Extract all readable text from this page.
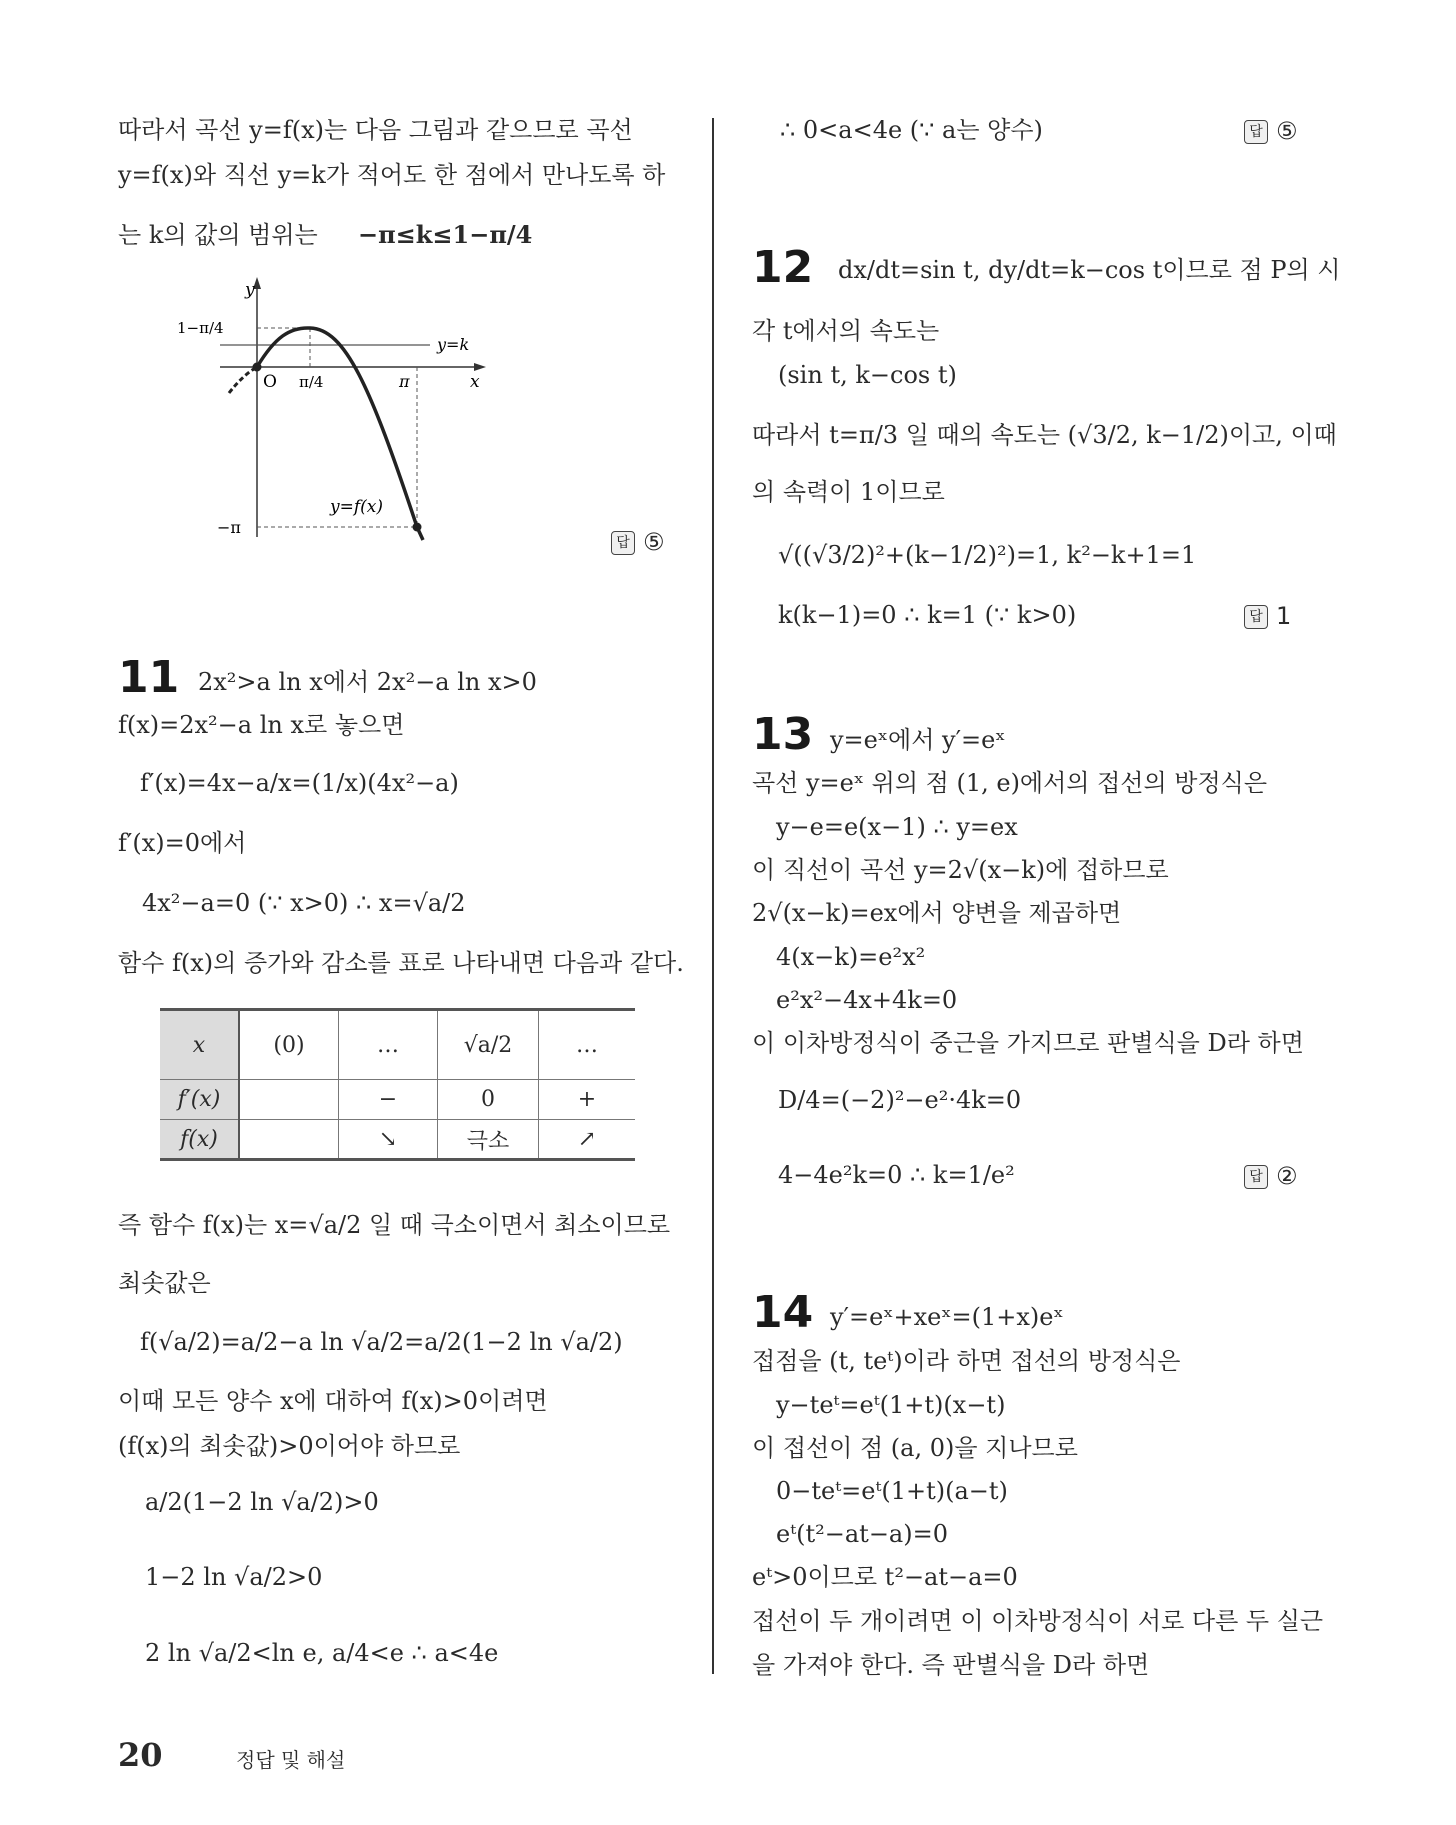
따라서 곡선 y=f(x)는 다음 그림과 같으므로 곡선
y=f(x)와 직선 y=k가 적어도 한 점에서 만나도록 하
는 k의 값의 범위는 −π≤k≤1−π/4
y
x
O
1−π/4
π/4	π
−π
y=k
y=f(x)
답 ⑤
11 2x²>a ln x에서 2x²−a ln x>0
f(x)=2x²−a ln x로 놓으면
f′(x)=4x−a/x=(1/x)(4x²−a)
f′(x)=0에서
4x²−a=0 (∵ x>0) ∴ x=√a/2
함수 f(x)의 증가와 감소를 표로 나타내면 다음과 같다.
x	(0)	…	√a/2	…
f′(x)		−	0	+
f(x)		↘	극소	↗
즉 함수 f(x)는 x=√a/2 일 때 극소이면서 최소이므로
최솟값은
f(√a/2)=a/2−a ln √a/2=a/2(1−2 ln √a/2)
이때 모든 양수 x에 대하여 f(x)>0이려면
(f(x)의 최솟값)>0이어야 하므로
a/2(1−2 ln √a/2)>0
1−2 ln √a/2>0
2 ln √a/2<ln e, a/4<e ∴ a<4e
∴ 0<a<4e (∵ a는 양수)	답 ⑤
12 dx/dt=sin t, dy/dt=k−cos t이므로 점 P의 시
각 t에서의 속도는
(sin t, k−cos t)
따라서 t=π/3 일 때의 속도는 (√3/2, k−1/2)이고, 이때
의 속력이 1이므로
√((√3/2)²+(k−1/2)²)=1, k²−k+1=1
k(k−1)=0 ∴ k=1 (∵ k>0)	답 1
13 y=eˣ에서 y′=eˣ
곡선 y=eˣ 위의 점 (1, e)에서의 접선의 방정식은
y−e=e(x−1) ∴ y=ex
이 직선이 곡선 y=2√(x−k)에 접하므로
2√(x−k)=ex에서 양변을 제곱하면
4(x−k)=e²x²
e²x²−4x+4k=0
이 이차방정식이 중근을 가지므로 판별식을 D라 하면
D/4=(−2)²−e²·4k=0
4−4e²k=0 ∴ k=1/e²	답 ②
14 y′=eˣ+xeˣ=(1+x)eˣ
접점을 (t, teᵗ)이라 하면 접선의 방정식은
y−teᵗ=eᵗ(1+t)(x−t)
이 접선이 점 (a, 0)을 지나므로
0−teᵗ=eᵗ(1+t)(a−t)
eᵗ(t²−at−a)=0
eᵗ>0이므로 t²−at−a=0
접선이 두 개이려면 이 이차방정식이 서로 다른 두 실근
을 가져야 한다. 즉 판별식을 D라 하면
20	정답 및 해설
